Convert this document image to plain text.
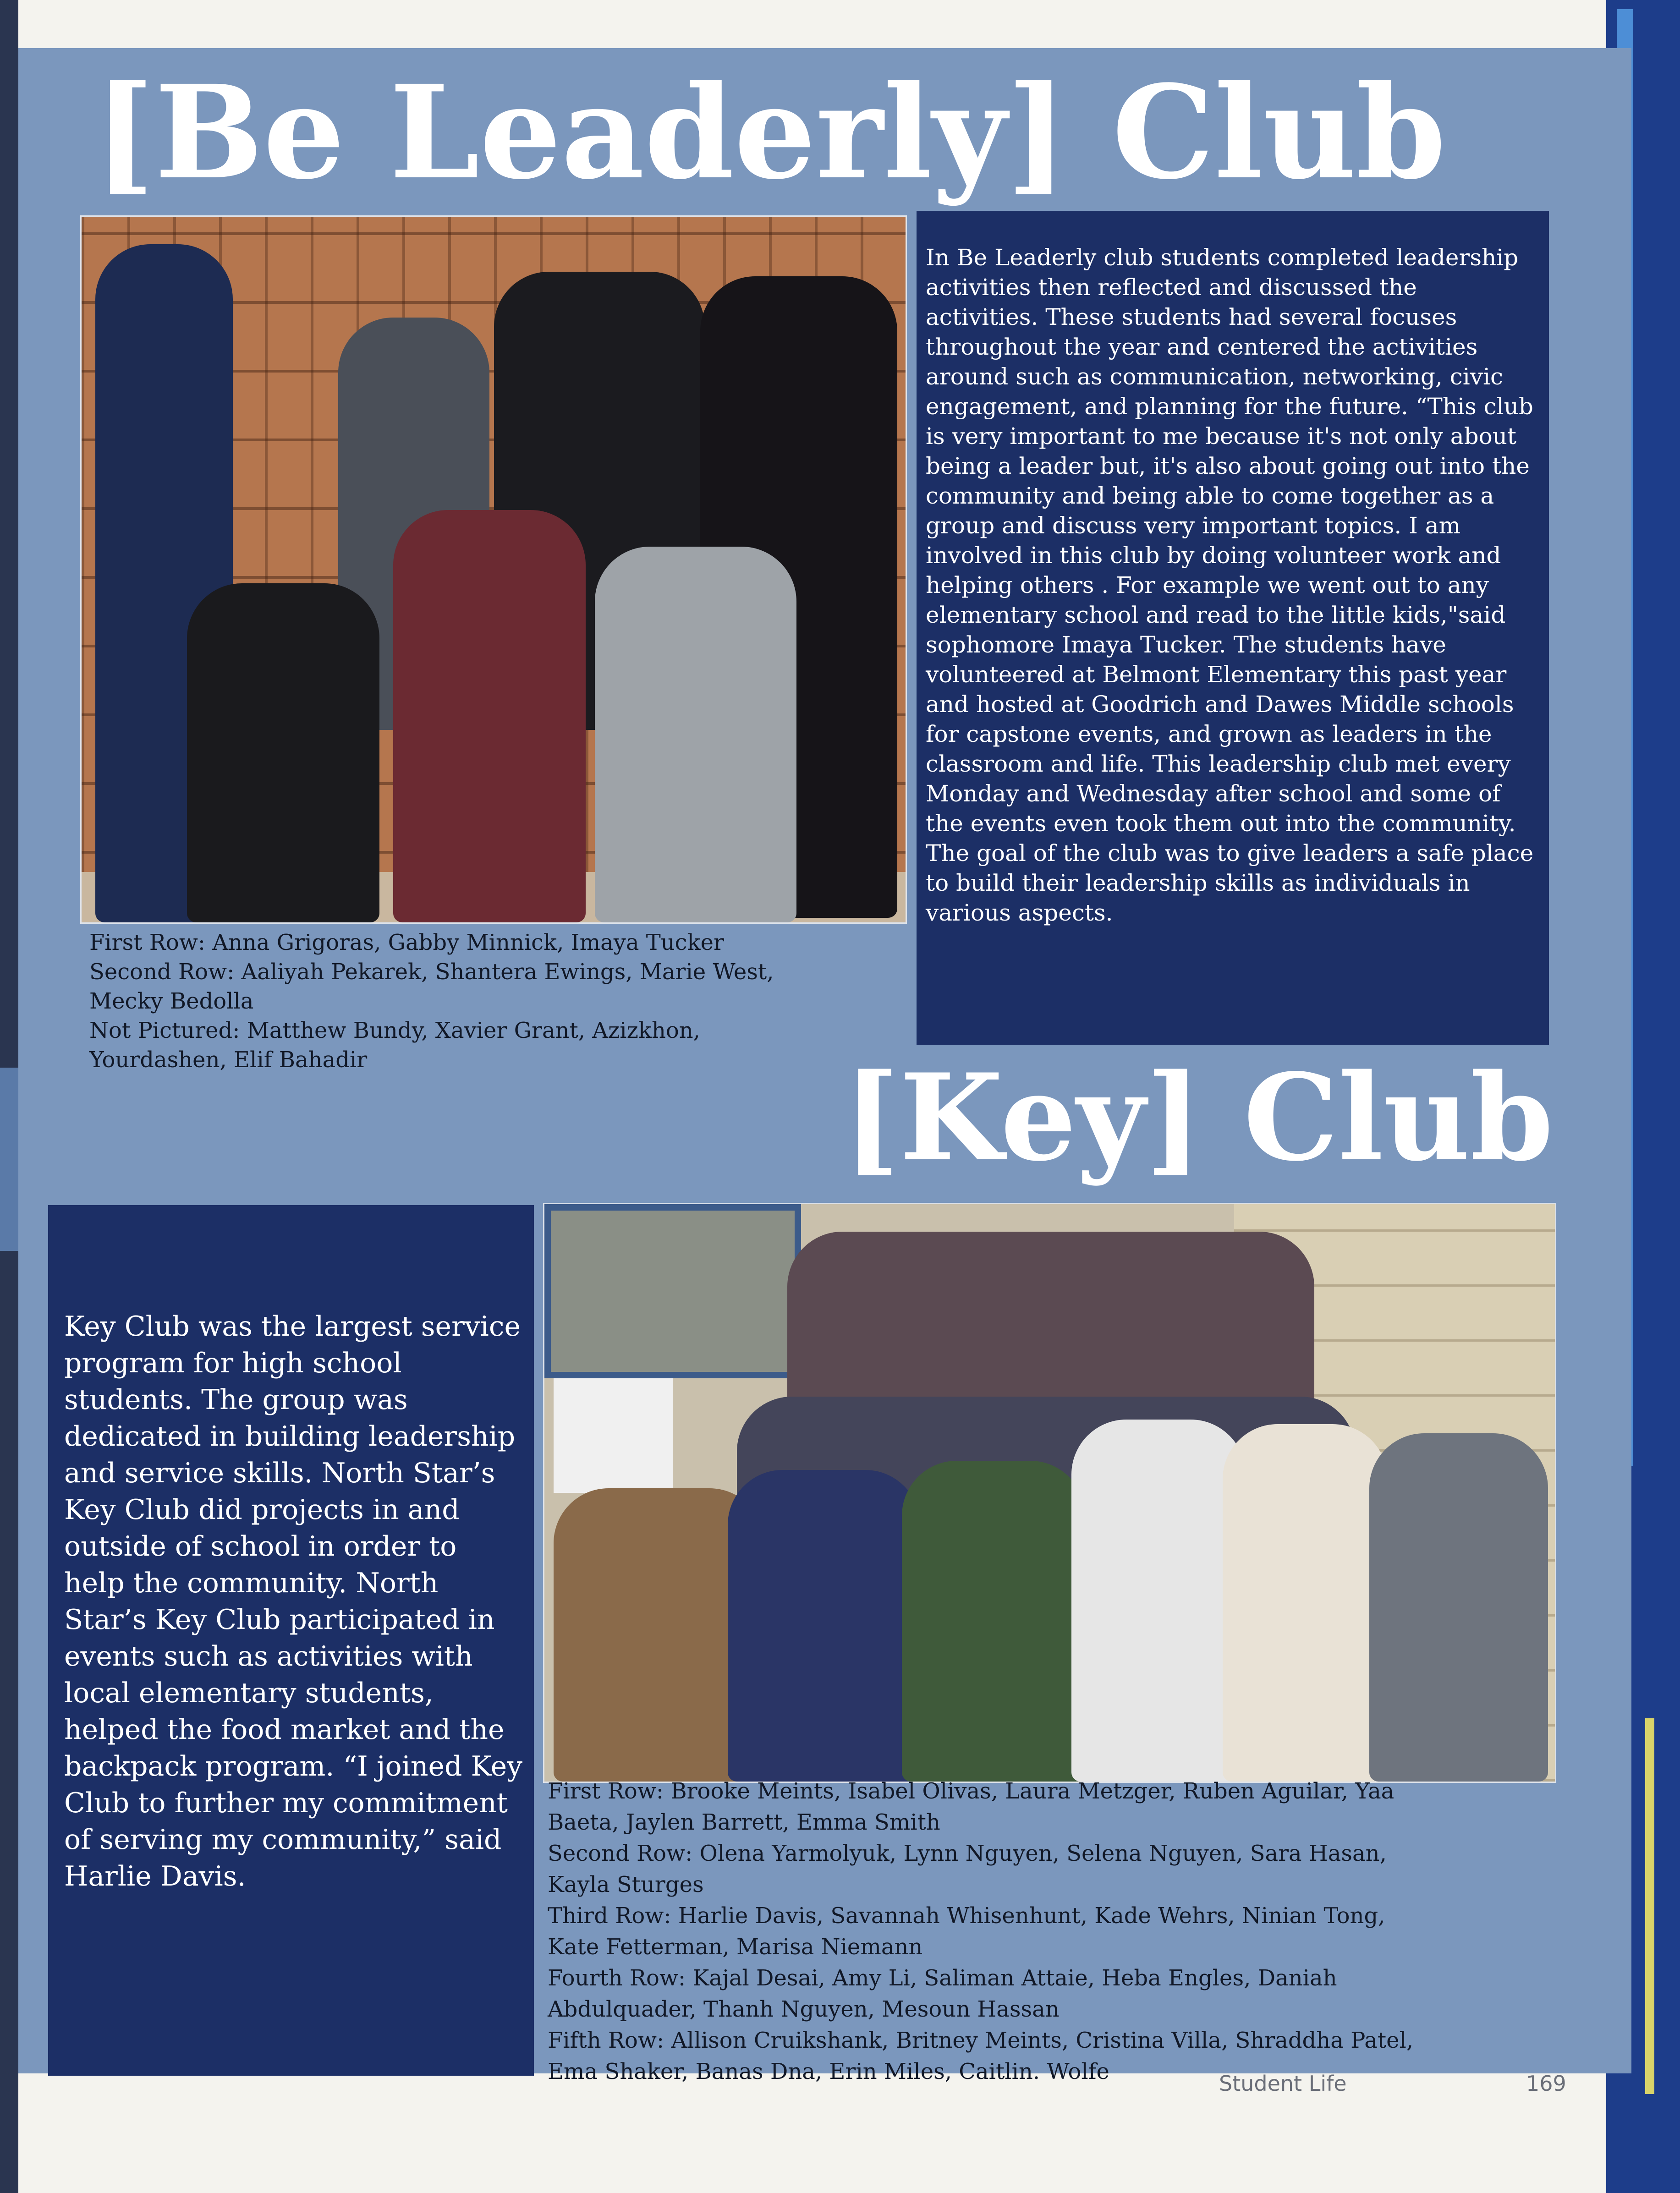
[Be Leaderly] Club
In Be Leaderly club students completed leadership activities then reflected and discussed the activities. These students had several focuses throughout the year and centered the activities around such as communication, networking, civic engagement, and planning for the future. “This club is very important to me because it's not only about being a leader but, it's also about going out into the community and being able to come together as a group and discuss very important topics. I am involved in this club by doing volunteer work and helping others . For example we went out to any elementary school and read to the little kids,"said sophomore Imaya Tucker. The students have volunteered at Belmont Elementary this past year and hosted at Goodrich and Dawes Middle schools for capstone events, and grown as leaders in the classroom and life. This leadership club met every Monday and Wednesday after school and some of the events even took them out into the community. The goal of the club was to give leaders a safe place to build their leadership skills as individuals in various aspects.
First Row: Anna Grigoras, Gabby Minnick, Imaya Tucker
Second Row: Aaliyah Pekarek, Shantera Ewings, Marie West,
Mecky Bedolla
Not Pictured: Matthew Bundy, Xavier Grant, Azizkhon,
Yourdashen, Elif Bahadir	[Key] Club
Key Club was the largest service program for high school students. The group was dedicated in building leadership and service skills. North Star’s Key Club did projects in and outside of school in order to help the community. North Star’s Key Club participated in events such as activities with local elementary students, helped the food market and the backpack program. “I joined Key Club to further my commitment of serving my community,” said Harlie Davis.
First Row: Brooke Meints, Isabel Olivas, Laura Metzger, Ruben Aguilar, Yaa
Baeta, Jaylen Barrett, Emma Smith
Second Row: Olena Yarmolyuk, Lynn Nguyen, Selena Nguyen, Sara Hasan,
Kayla Sturges
Third Row: Harlie Davis, Savannah Whisenhunt, Kade Wehrs, Ninian Tong,
Kate Fetterman, Marisa Niemann
Fourth Row: Kajal Desai, Amy Li, Saliman Attaie, Heba Engles, Daniah
Abdulquader, Thanh Nguyen, Mesoun Hassan
Fifth Row: Allison Cruikshank, Britney Meints, Cristina Villa, Shraddha Patel,
Ema Shaker, Banas Dna, Erin Miles, Caitlin. Wolfe	Student Life	169
